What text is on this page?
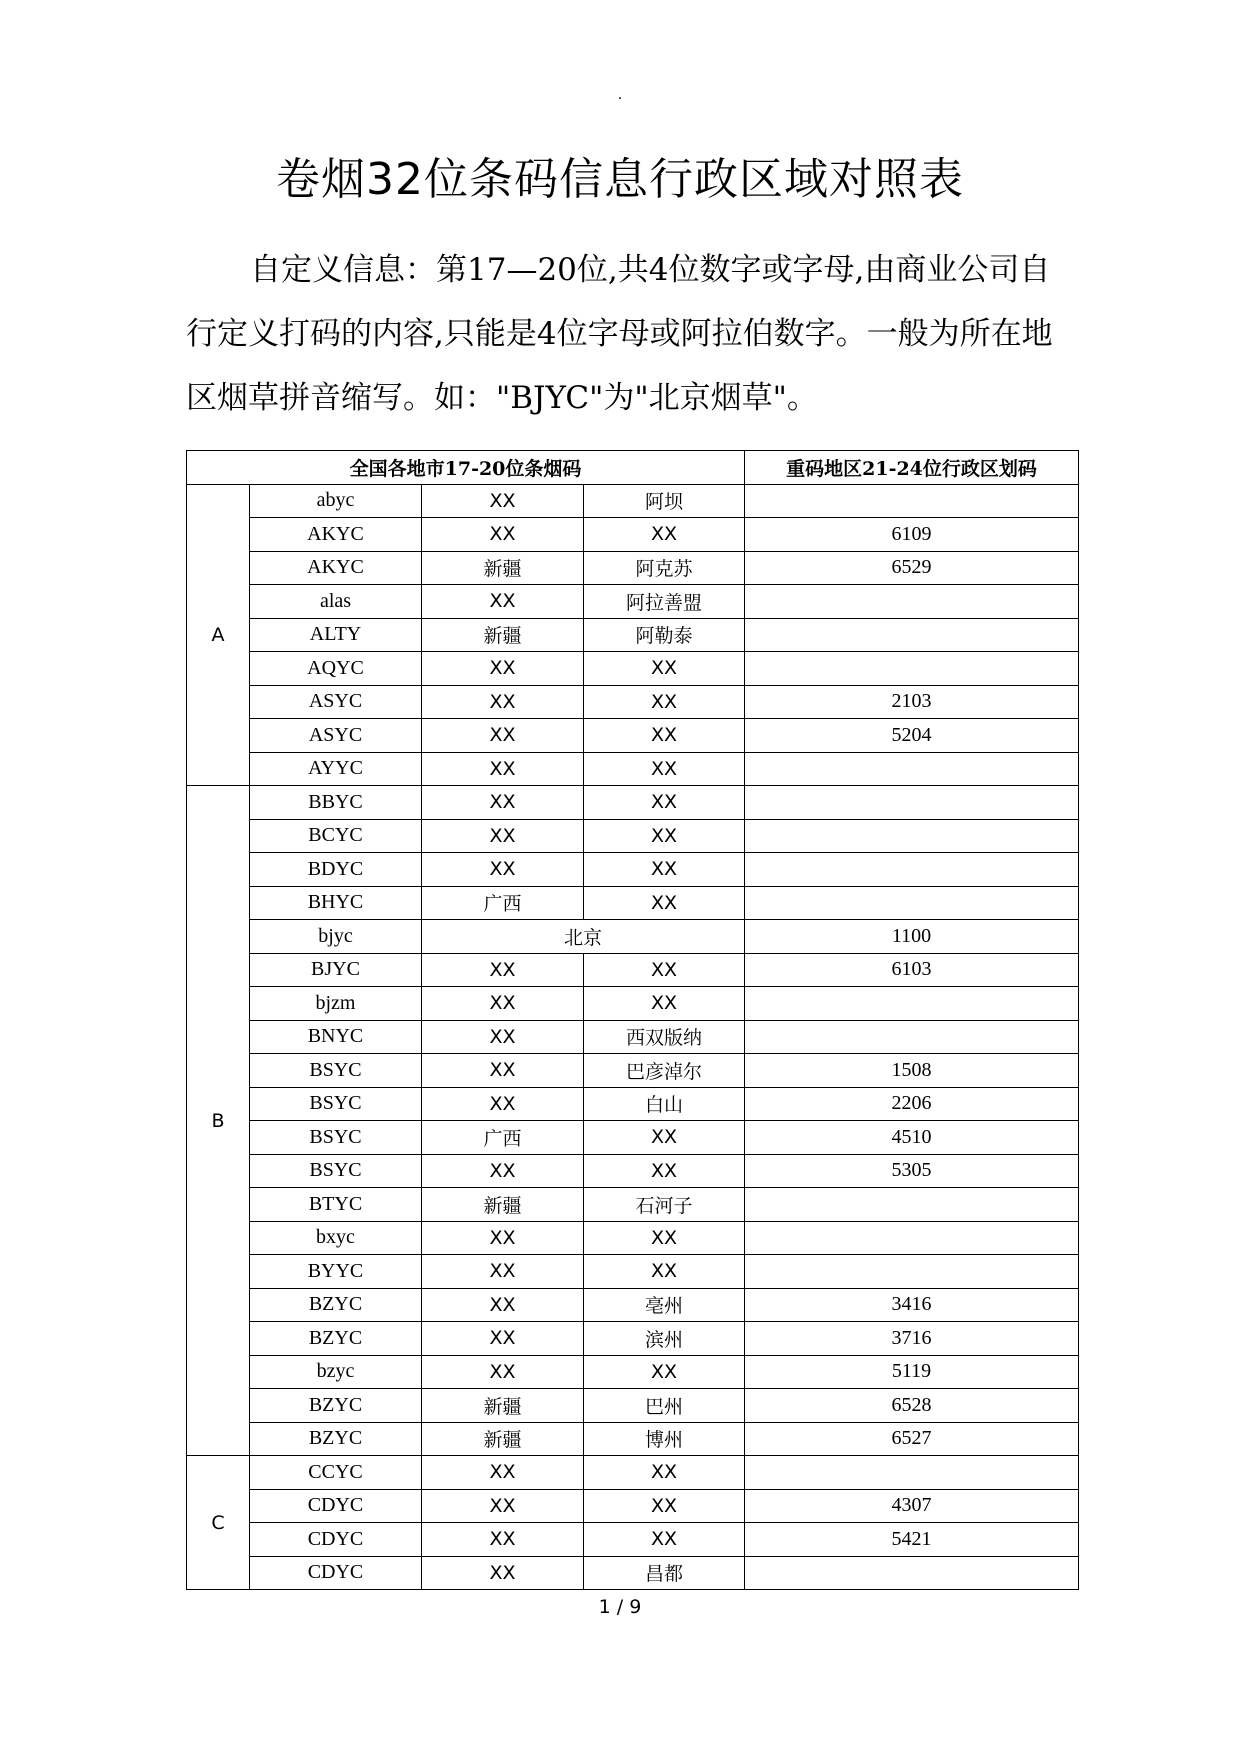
.
卷烟32位条码信息行政区域对照表

自定义信息：第17—20位,共4位数字或字母,由商业公司自行定义打码的内容,只能是4位字母或阿拉伯数字。一般为所在地区烟草拼音缩写。如："BJYC"为"北京烟草"。

全国各地市17-20位条烟码				重码地区21-24位行政区划码
A	abyc	XX	阿坝	
	AKYC	XX	XX	6109
	AKYC	新疆	阿克苏	6529
	alas	XX	阿拉善盟	
	ALTY	新疆	阿勒泰	
	AQYC	XX	XX	
	ASYC	XX	XX	2103
	ASYC	XX	XX	5204
	AYYC	XX	XX	
B	BBYC	XX	XX	
	BCYC	XX	XX	
	BDYC	XX	XX	
	BHYC	广西	XX	
	bjyc	北京		1100
	BJYC	XX	XX	6103
	bjzm	XX	XX	
	BNYC	XX	西双版纳	
	BSYC	XX	巴彦淖尔	1508
	BSYC	XX	白山	2206
	BSYC	广西	XX	4510
	BSYC	XX	XX	5305
	BTYC	新疆	石河子	
	bxyc	XX	XX	
	BYYC	XX	XX	
	BZYC	XX	亳州	3416
	BZYC	XX	滨州	3716
	bzyc	XX	XX	5119
	BZYC	新疆	巴州	6528
	BZYC	新疆	博州	6527
C	CCYC	XX	XX	
	CDYC	XX	XX	4307
	CDYC	XX	XX	5421
	CDYC	XX	昌都	
1 / 9
